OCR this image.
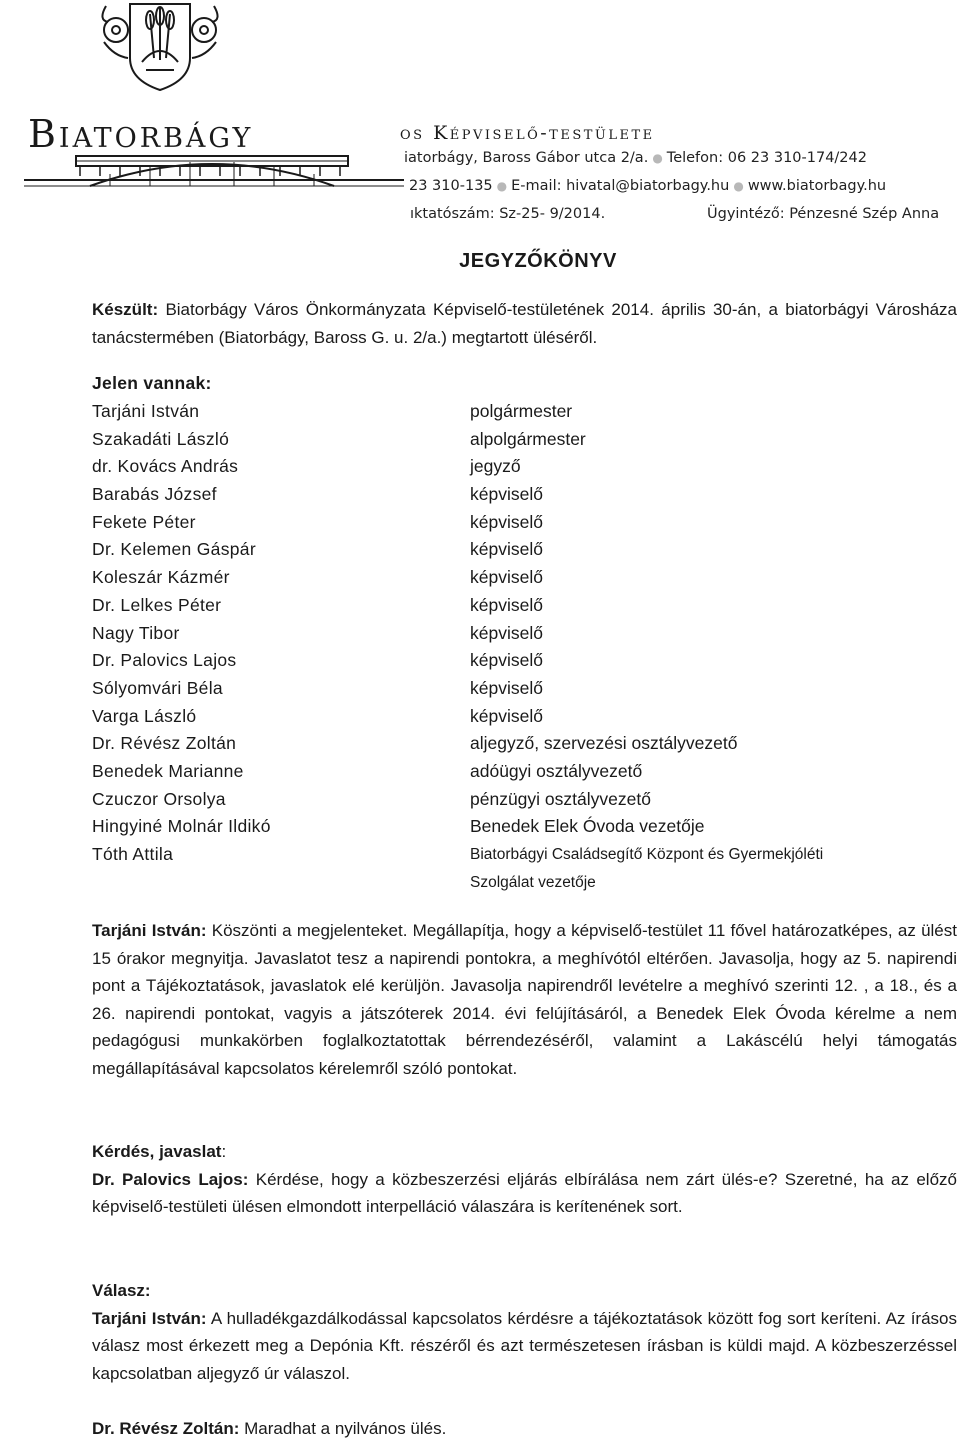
Biatorbágy	os Képviselő-testülete
iatorbágy, Baross Gábor utca 2/a. ● Telefon: 06 23 310-174/242
23 310-135 ● E-mail: hivatal@biatorbagy.hu ● www.biatorbagy.hu
ıktatószám: Sz-25- 9/2014.	Ügyintéző: Pénzesné Szép Anna
JEGYZŐKÖNYV
Készült: Biatorbágy Város Önkormányzata Képviselő-testületének 2014. április 30-án, a biatorbágyi Városháza tanácstermében (Biatorbágy, Baross G. u. 2/a.) megtartott üléséről.
Jelen vannak:
Tarjáni István	polgármester
Szakadáti László	alpolgármester
dr. Kovács András	jegyző
Barabás József	képviselő
Fekete Péter	képviselő
Dr. Kelemen Gáspár	képviselő
Koleszár Kázmér	képviselő
Dr. Lelkes Péter	képviselő
Nagy Tibor	képviselő
Dr. Palovics Lajos	képviselő
Sólyomvári Béla	képviselő
Varga László	képviselő
Dr. Révész Zoltán	aljegyző, szervezési osztályvezető
Benedek Marianne	adóügyi osztályvezető
Czuczor Orsolya	pénzügyi osztályvezető
Hingyiné Molnár Ildikó	Benedek Elek Óvoda vezetője
Tóth Attila	Biatorbágyi Családsegítő Központ és Gyermekjóléti
Szolgálat vezetője
Tarjáni István: Köszönti a megjelenteket. Megállapítja, hogy a képviselő-testület 11 fővel határozatképes, az ülést 15 órakor megnyitja. Javaslatot tesz a napirendi pontokra, a meghívótól eltérően. Javasolja, hogy az 5. napirendi pont a Tájékoztatások, javaslatok elé kerüljön. Javasolja napirendről levételre a meghívó szerinti 12. , a 18., és a 26. napirendi pontokat, vagyis a játszóterek 2014. évi felújításáról, a Benedek Elek Óvoda kérelme a nem pedagógusi munkakörben foglalkoztatottak bérrendezéséről, valamint a Lakáscélú helyi támogatás megállapításával kapcsolatos kérelemről szóló pontokat.
Kérdés, javaslat:
Dr. Palovics Lajos: Kérdése, hogy a közbeszerzési eljárás elbírálása nem zárt ülés-e? Szeretné, ha az előző képviselő-testületi ülésen elmondott interpelláció válaszára is kerítenének sort.
Válasz:
Tarjáni István: A hulladékgazdálkodással kapcsolatos kérdésre a tájékoztatások között fog sort keríteni. Az írásos válasz most érkezett meg a Depónia Kft. részéről és azt természetesen írásban is küldi majd. A közbeszerzéssel kapcsolatban aljegyző úr válaszol.
Dr. Révész Zoltán: Maradhat a nyilvános ülés.
